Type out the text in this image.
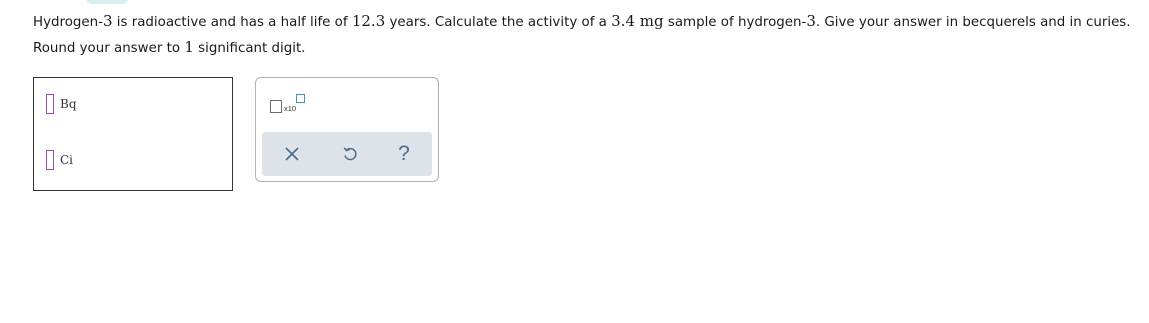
Hydrogen-3 is radioactive and has a half life of 12.3 years. Calculate the activity of a 3.4 mg sample of hydrogen-3. Give your answer in becquerels and in curies. Round your answer to 1 significant digit.
Bq
Ci
x10
?
